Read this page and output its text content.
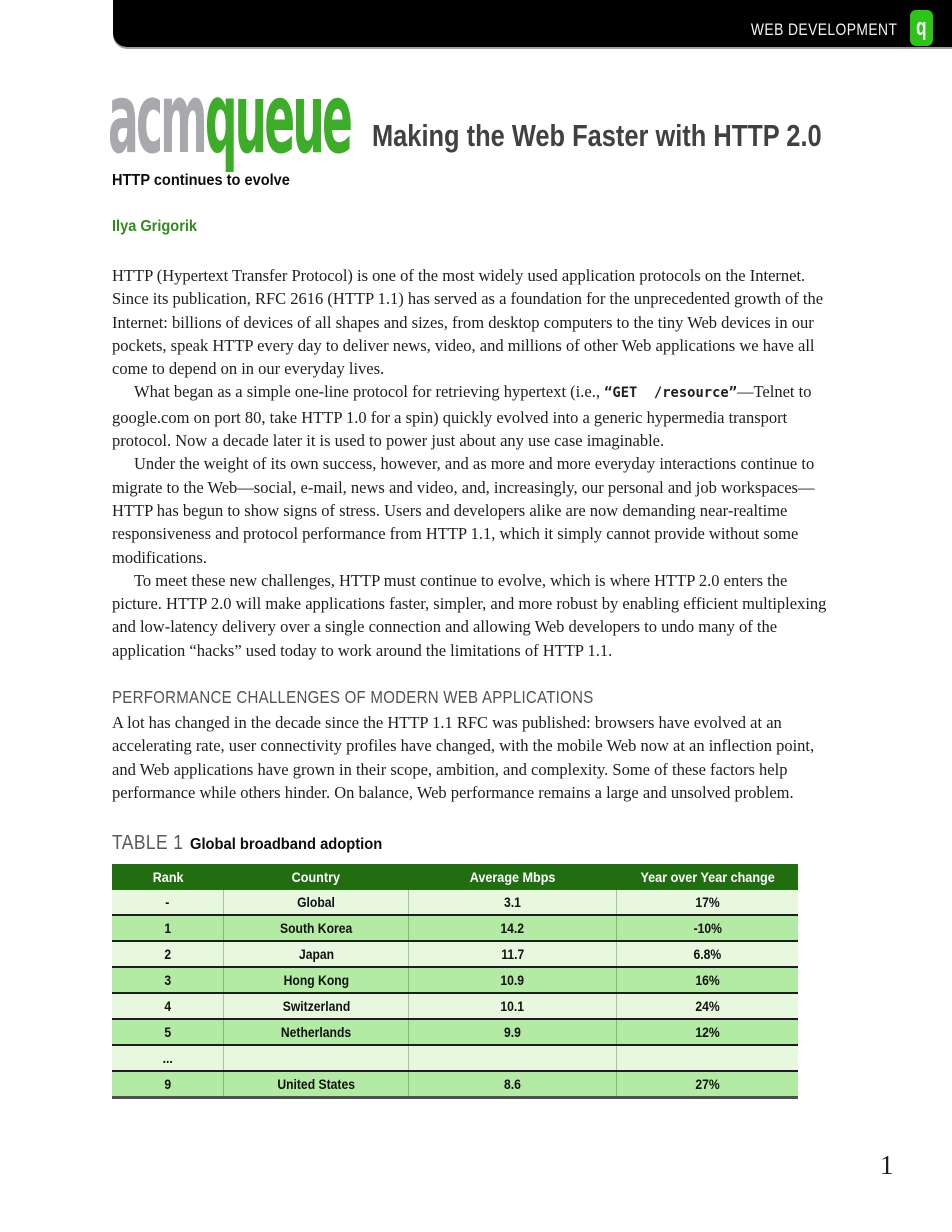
WEB DEVELOPMENT q
acmqueue Making the Web Faster with HTTP 2.0
HTTP continues to evolve
Ilya Grigorik

HTTP (Hypertext Transfer Protocol) is one of the most widely used application protocols on the Internet. Since its publication, RFC 2616 (HTTP 1.1) has served as a foundation for the unprecedented growth of the Internet: billions of devices of all shapes and sizes, from desktop computers to the tiny Web devices in our pockets, speak HTTP every day to deliver news, video, and millions of other Web applications we have all come to depend on in our everyday lives.

What began as a simple one-line protocol for retrieving hypertext (i.e., “GET  /resource”—Telnet to google.com on port 80, take HTTP 1.0 for a spin) quickly evolved into a generic hypermedia transport protocol. Now a decade later it is used to power just about any use case imaginable.

Under the weight of its own success, however, and as more and more everyday interactions continue to migrate to the Web—social, e-mail, news and video, and, increasingly, our personal and job workspaces—HTTP has begun to show signs of stress. Users and developers alike are now demanding near-realtime responsiveness and protocol performance from HTTP 1.1, which it simply cannot provide without some modifications.

To meet these new challenges, HTTP must continue to evolve, which is where HTTP 2.0 enters the picture. HTTP 2.0 will make applications faster, simpler, and more robust by enabling efficient multiplexing and low-latency delivery over a single connection and allowing Web developers to undo many of the application “hacks” used today to work around the limitations of HTTP 1.1.

PERFORMANCE CHALLENGES OF MODERN WEB APPLICATIONS

A lot has changed in the decade since the HTTP 1.1 RFC was published: browsers have evolved at an accelerating rate, user connectivity profiles have changed, with the mobile Web now at an inflection point, and Web applications have grown in their scope, ambition, and complexity. Some of these factors help performance while others hinder. On balance, Web performance remains a large and unsolved problem.

TABLE 1 Global broadband adoption
Rank	Country	Average Mbps	Year over Year change
-	Global	3.1	17%
1	South Korea	14.2	-10%
2	Japan	11.7	6.8%
3	Hong Kong	10.9	16%
4	Switzerland	10.1	24%
5	Netherlands	9.9	12%
...			
9	United States	8.6	27%
1
